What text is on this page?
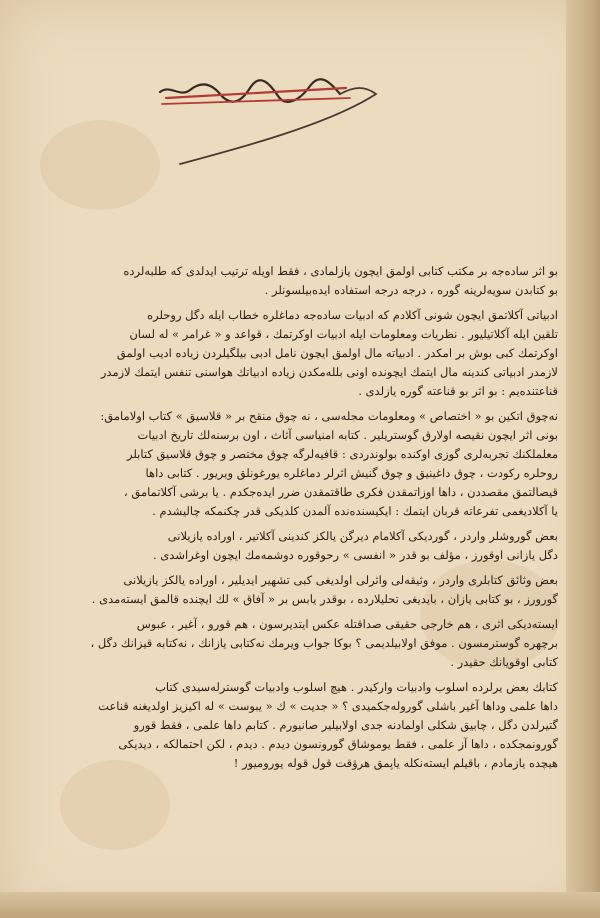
بو اثر سادەجە بر مكتب كتابی اولمق ایچون یازلمادی ، فقط اویلە ترتیب ایدلدی كە طلبەلردە
بو كتابدن سویەلرینە گورە ، درجە درجە استفادە ایدەبیلسونلر .
ادبیاتی آكلاتمق ایچون شونی آكلادم كە ادبیات سادەجە دماغلرە خطاب ایلە دگل روحلرە
تلقین ایلە آكلاتیلیور . نظریات ومعلومات ایلە ادبیات اوكرتمك ، قواعد و « غرامر » لە لسان
اوكرتمك كبی بوش بر امكدر . ادبیاتە مال اولمق ایچون نامل ادبی بیلگیلردن زیادە ادیب اولمق
لازمدر ادبیاتی كندینە مال ایتمك ایچونده اونی بللەمكدن زیادە ادبیاتك هواسنی تنفس ایتمك لازمدر
قناعتندەیم : بو اثر بو قناعتە گورە یازلدی .
نەچوق اتكین بو « اختصاص » ومعلومات مجلەسی ، نە چوق منقح بر « قلاسیق » كتاب اولامامق:
بونی اثر ایچون نقیصە اولارق گوستریلیر . كتابە امنیاسی آثاث ، اون برسنەلك تاریخ ادبیات
معلملكنك تجربەلری گوزی اوكندە بولوندردی : قافیەلرگە چوق مختصر و چوق قلاسیق كتابلر
روحلرە ركودت ، چوق داغینیق و چوق گنیش اثرلر دماغلرە یورغونلق ویریور . كتابی داها
قیصالتمق مقصددن ، داها اوزاتمقدن فكری طاقتمقدن ضرر ایدەجكدم . یا برشی آكلاتمامق ،
یا آكلادیغمی تفرعاتە قربان ایتمك : ایكیسندەنده آلمدن كلدیكی قدر چكنمكە چالیشدم .
بعض گوروشلر واردر ، گوردیكی آكلامام دیرگن یالكز كندینی آكلاتیر ، اوراده یازیلانی
دگل یازانی اوقورز ، مؤلف بو قدر « انفسی » رحوقورە دوشمەمك ایچون اوغراشدی .
بعض وثائق كتابلری واردر ، وثیقەلی واثرلی اولدیغی كبی تشهیر ایدیلیر ، اوراده یالكز یازیلانی
گورورز ، بو كتابی یازان ، بایدیغی تحلیلاردە ، بوقدر یابس بر « آفاق » لك ایچندە قالمق ایستەمدی .
ایستەدیكی اثری ، هم خارجی حقیقی صداقتلە عكس ایتدیرسون ، هم قورو ، آغیر ، عبوس
برچهرە گوسترمسون . موفق اولابیلدیمی ؟ بوكا جواب ویرمك نەكتابی یازانك ، نەكتابە قیزانك دگل ،
كتابی اوقویانك حقیدر .
كتابك بعض یرلردە اسلوب وادبیات واركیدر . هیچ اسلوب وادبیات گوسترلەسیدی كتاب
داها علمی وداها آغیر باشلی گورولەجكمیدی ؟ « جدیت » ك « یبوست » لە اكیزیز اولدیغنە قناعت
گتیرلدن دگل ، چابیق شكلی اولمادنە جدی اولابیلیر صانیورم . كتابم داها علمی ، فقط قورو
گورونمجكدە ، داها آز علمی ، فقط یوموشاق گورونسون دیدم . دیدم ، لكن احتمالكە ، دیدیكی
هیچدە یازمادم ، باقیلم ایستەنكلە یاپمق هرۋقت قول قولە یورومیور !
